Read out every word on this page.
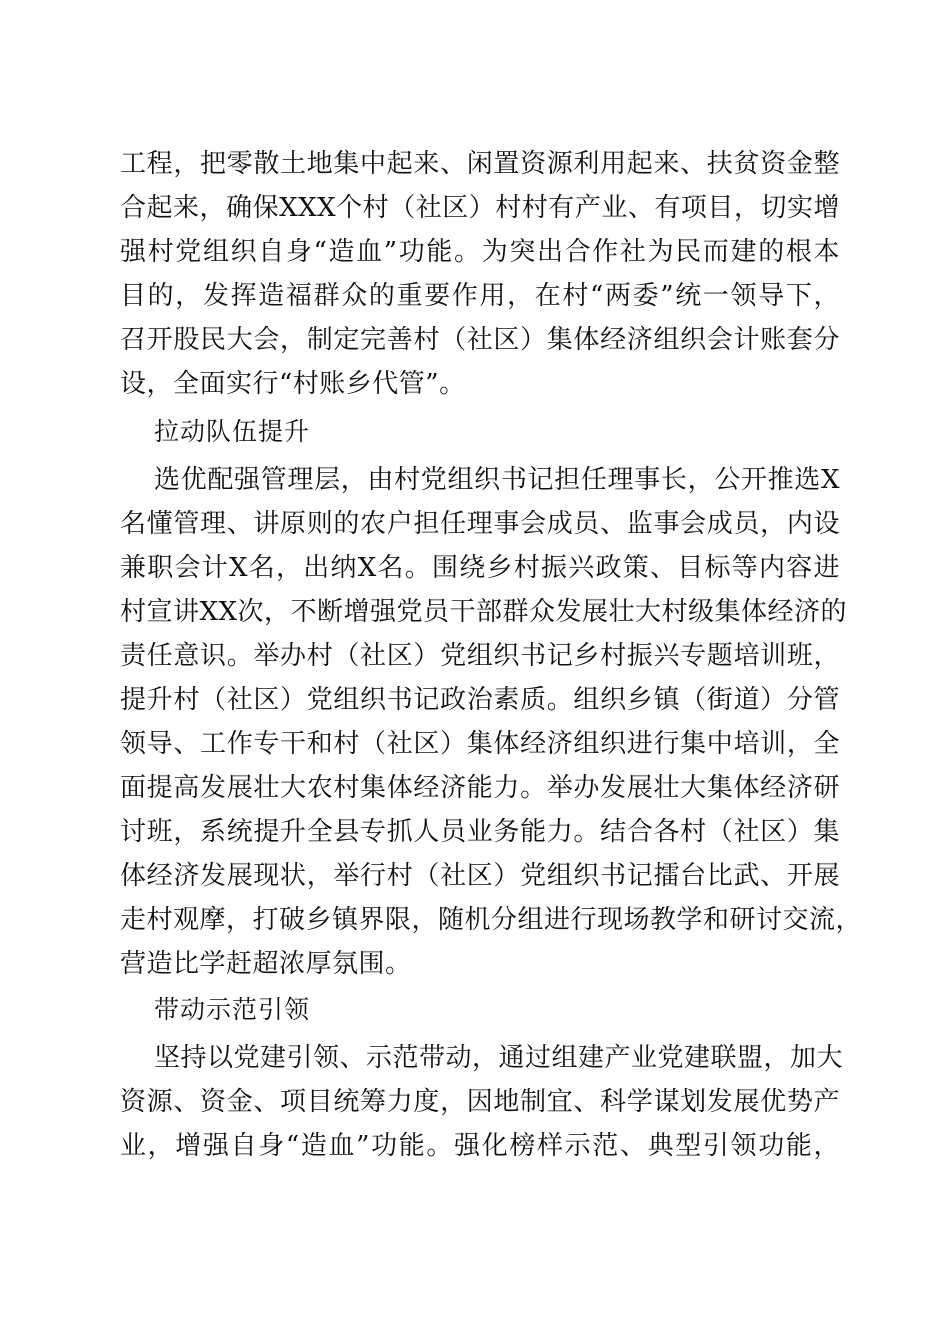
工程，把零散土地集中起来、闲置资源利用起来、扶贫资金整
合起来，确保XXX个村（社区）村村有产业、有项目，切实增
强村党组织自身“造血”功能。为突出合作社为民而建的根本
目的，发挥造福群众的重要作用，在村“两委”统一领导下，
召开股民大会，制定完善村（社区）集体经济组织会计账套分
设，全面实行“村账乡代管”。
拉动队伍提升
选优配强管理层，由村党组织书记担任理事长，公开推选X
名懂管理、讲原则的农户担任理事会成员、监事会成员，内设
兼职会计X名，出纳X名。围绕乡村振兴政策、目标等内容进
村宣讲XX次，不断增强党员干部群众发展壮大村级集体经济的
责任意识。举办村（社区）党组织书记乡村振兴专题培训班，
提升村（社区）党组织书记政治素质。组织乡镇（街道）分管
领导、工作专干和村（社区）集体经济组织进行集中培训，全
面提高发展壮大农村集体经济能力。举办发展壮大集体经济研
讨班，系统提升全县专抓人员业务能力。结合各村（社区）集
体经济发展现状，举行村（社区）党组织书记擂台比武、开展
走村观摩，打破乡镇界限，随机分组进行现场教学和研讨交流，
营造比学赶超浓厚氛围。
带动示范引领
坚持以党建引领、示范带动，通过组建产业党建联盟，加大
资源、资金、项目统筹力度，因地制宜、科学谋划发展优势产
业，增强自身“造血”功能。强化榜样示范、典型引领功能，
